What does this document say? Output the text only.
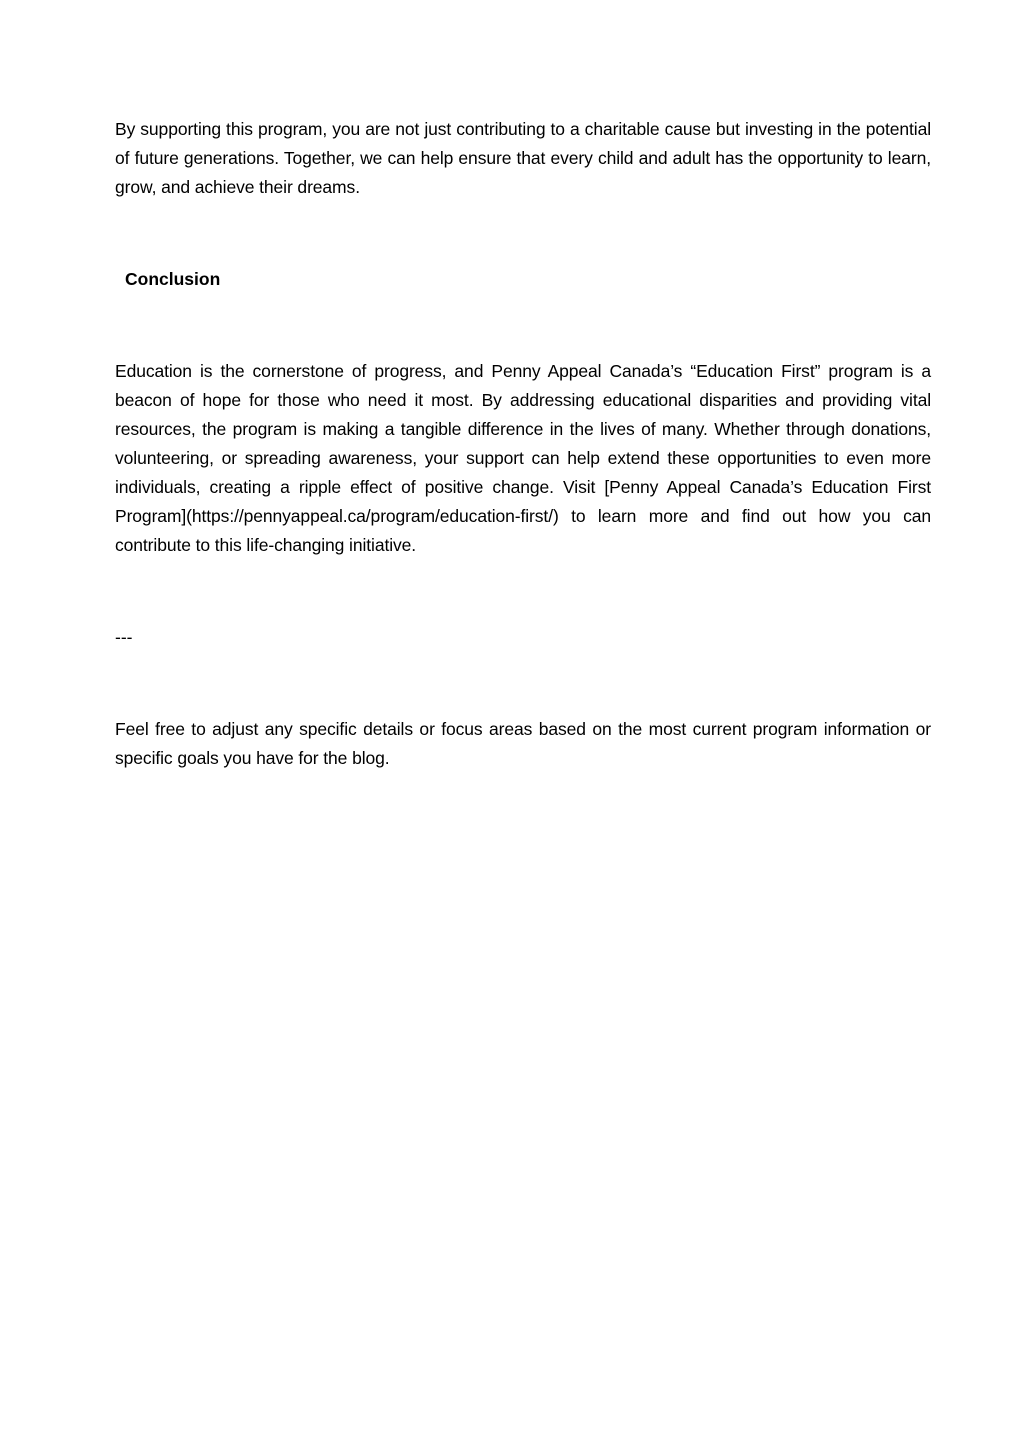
By supporting this program, you are not just contributing to a charitable cause but investing in the potential of future generations. Together, we can help ensure that every child and adult has the opportunity to learn, grow, and achieve their dreams.

Conclusion

Education is the cornerstone of progress, and Penny Appeal Canada’s “Education First” program is a beacon of hope for those who need it most. By addressing educational disparities and providing vital resources, the program is making a tangible difference in the lives of many. Whether through donations, volunteering, or spreading awareness, your support can help extend these opportunities to even more individuals, creating a ripple effect of positive change. Visit [Penny Appeal Canada’s Education First Program](https://pennyappeal.ca/program/education-first/) to learn more and find out how you can contribute to this life-changing initiative.

---

Feel free to adjust any specific details or focus areas based on the most current program information or specific goals you have for the blog.
